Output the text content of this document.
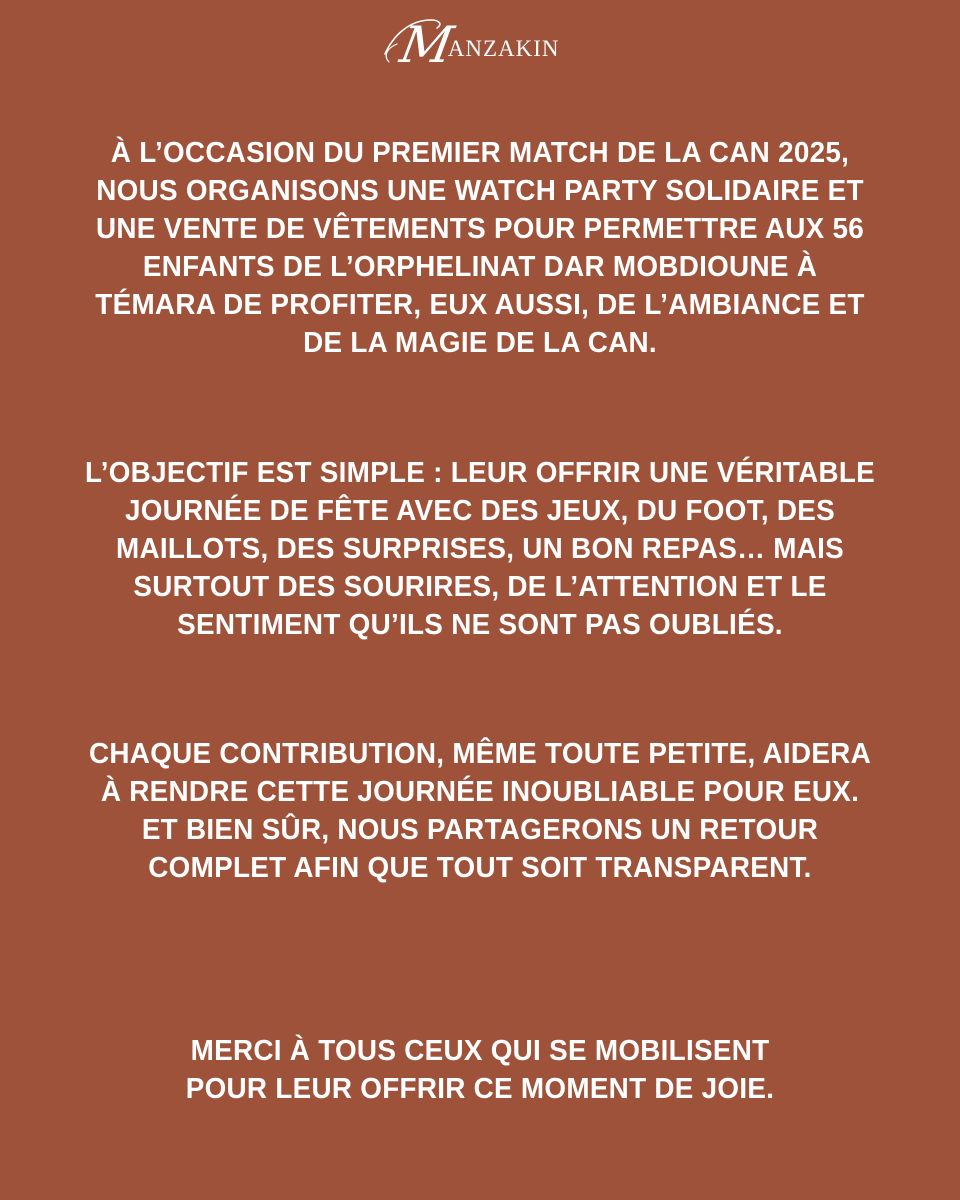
M
ANZAKIN

À L’OCCASION DU PREMIER MATCH DE LA CAN 2025,
NOUS ORGANISONS UNE WATCH PARTY SOLIDAIRE ET
UNE VENTE DE VÊTEMENTS POUR PERMETTRE AUX 56
ENFANTS DE L’ORPHELINAT DAR MOBDIOUNE À
TÉMARA DE PROFITER, EUX AUSSI, DE L’AMBIANCE ET
DE LA MAGIE DE LA CAN.

L’OBJECTIF EST SIMPLE : LEUR OFFRIR UNE VÉRITABLE
JOURNÉE DE FÊTE AVEC DES JEUX, DU FOOT, DES
MAILLOTS, DES SURPRISES, UN BON REPAS… MAIS
SURTOUT DES SOURIRES, DE L’ATTENTION ET LE
SENTIMENT QU’ILS NE SONT PAS OUBLIÉS.

CHAQUE CONTRIBUTION, MÊME TOUTE PETITE, AIDERA
À RENDRE CETTE JOURNÉE INOUBLIABLE POUR EUX.
ET BIEN SÛR, NOUS PARTAGERONS UN RETOUR
COMPLET AFIN QUE TOUT SOIT TRANSPARENT.

MERCI À TOUS CEUX QUI SE MOBILISENT
POUR LEUR OFFRIR CE MOMENT DE JOIE.
